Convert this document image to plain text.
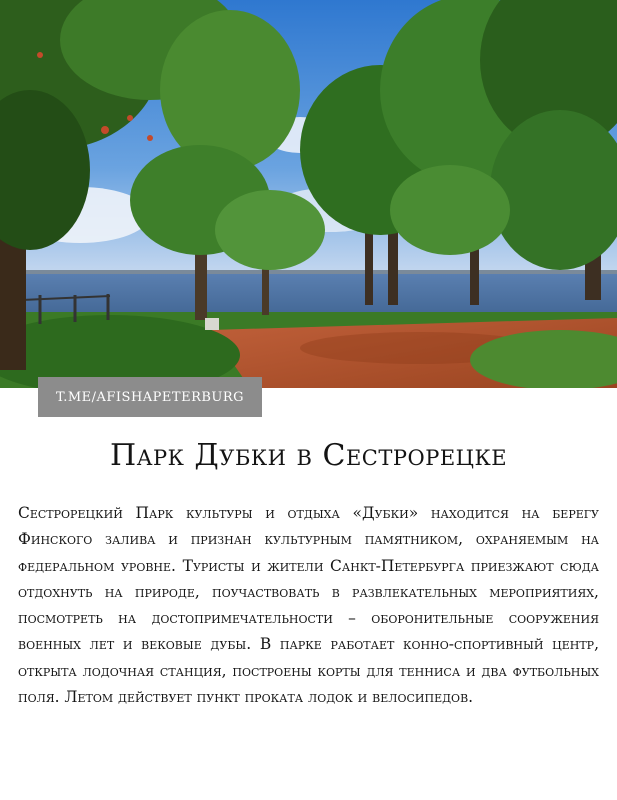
T.ME/AFISHAPETERBURG
Парк Дубки в Сестрорецке

Сестрорецкий Парк культуры и отдыха «Дубки» находится на берегу Финского залива и признан культурным памятником, охраняемым на федеральном уровне. Туристы и жители Санкт-Петербурга приезжают сюда отдохнуть на природе, поучаствовать в развлекательных мероприятиях, посмотреть на достопримечательности – оборонительные сооружения военных лет и вековые дубы. В парке работает конно-спортивный центр, открыта лодочная станция, построены корты для тенниса и два футбольных поля. Летом действует пункт проката лодок и велосипедов.
